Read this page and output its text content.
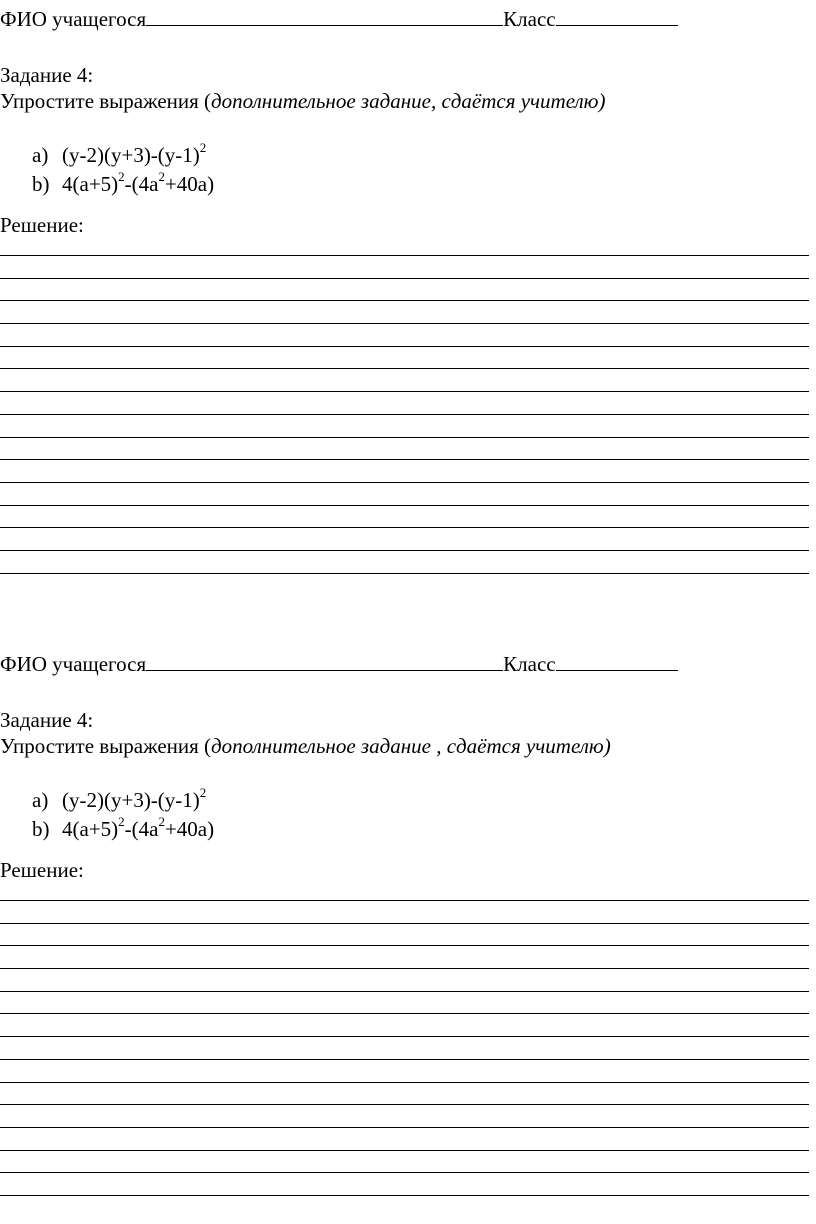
ФИО учащегося	Класс
Задание 4:
Упростите выражения (дополнительное задание, сдаётся учителю)
a) $(y-2)(y+3)-(y-1)^2$
b) $4(a+5)^2-(4a^2+40a)$
Решение:
ФИО учащегося	Класс
Задание 4:
Упростите выражения (дополнительное задание , сдаётся учителю)
a) $(y-2)(y+3)-(y-1)^2$
b) $4(a+5)^2-(4a^2+40a)$
Решение:
